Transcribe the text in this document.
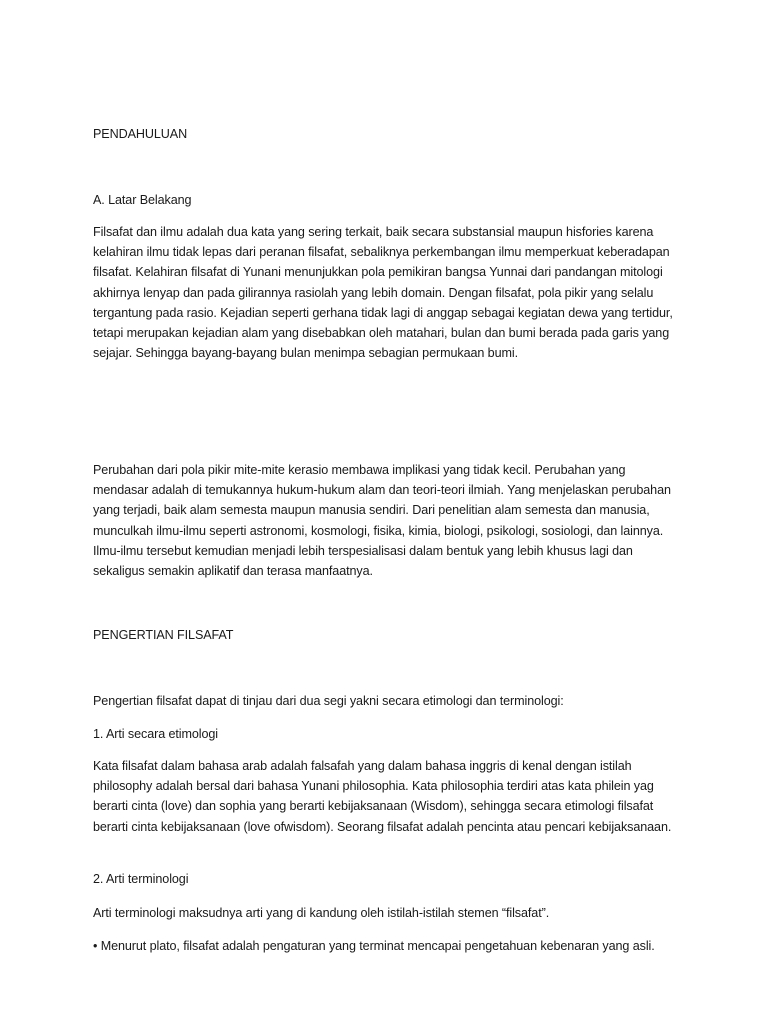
PENDAHULUAN

A. Latar Belakang

Filsafat dan ilmu adalah dua kata yang sering terkait, baik secara substansial maupun hisfories karena kelahiran ilmu tidak lepas dari peranan filsafat, sebaliknya perkembangan ilmu memperkuat keberadapan filsafat. Kelahiran filsafat di Yunani menunjukkan pola pemikiran bangsa Yunnai dari pandangan mitologi akhirnya lenyap dan pada gilirannya rasiolah yang lebih domain. Dengan filsafat, pola pikir yang selalu tergantung pada rasio. Kejadian seperti gerhana tidak lagi di anggap sebagai kegiatan dewa yang tertidur, tetapi merupakan kejadian alam yang disebabkan oleh matahari, bulan dan bumi berada pada garis yang sejajar. Sehingga bayang-bayang bulan menimpa sebagian permukaan bumi.

Perubahan dari pola pikir mite-mite kerasio membawa implikasi yang tidak kecil. Perubahan yang mendasar adalah di temukannya hukum-hukum alam dan teori-teori ilmiah. Yang menjelaskan perubahan yang terjadi, baik alam semesta maupun manusia sendiri. Dari penelitian alam semesta dan manusia, munculkah ilmu-ilmu seperti astronomi, kosmologi, fisika, kimia, biologi, psikologi, sosiologi, dan lainnya. Ilmu-ilmu tersebut kemudian menjadi lebih terspesialisasi dalam bentuk yang lebih khusus lagi dan sekaligus semakin aplikatif dan terasa manfaatnya.

PENGERTIAN FILSAFAT

Pengertian filsafat dapat di tinjau dari dua segi yakni secara etimologi dan terminologi:

1. Arti secara etimologi

Kata filsafat dalam bahasa arab adalah falsafah yang dalam bahasa inggris di kenal dengan istilah philosophy adalah bersal dari bahasa Yunani philosophia. Kata philosophia terdiri atas kata philein yag berarti cinta (love) dan sophia yang berarti kebijaksanaan (Wisdom), sehingga secara etimologi filsafat berarti cinta kebijaksanaan (love ofwisdom). Seorang filsafat adalah pencinta atau pencari kebijaksanaan.

2. Arti terminologi

Arti terminologi maksudnya arti yang di kandung oleh istilah-istilah stemen “filsafat”.

• Menurut plato, filsafat adalah pengaturan yang terminat mencapai pengetahuan kebenaran yang asli.
